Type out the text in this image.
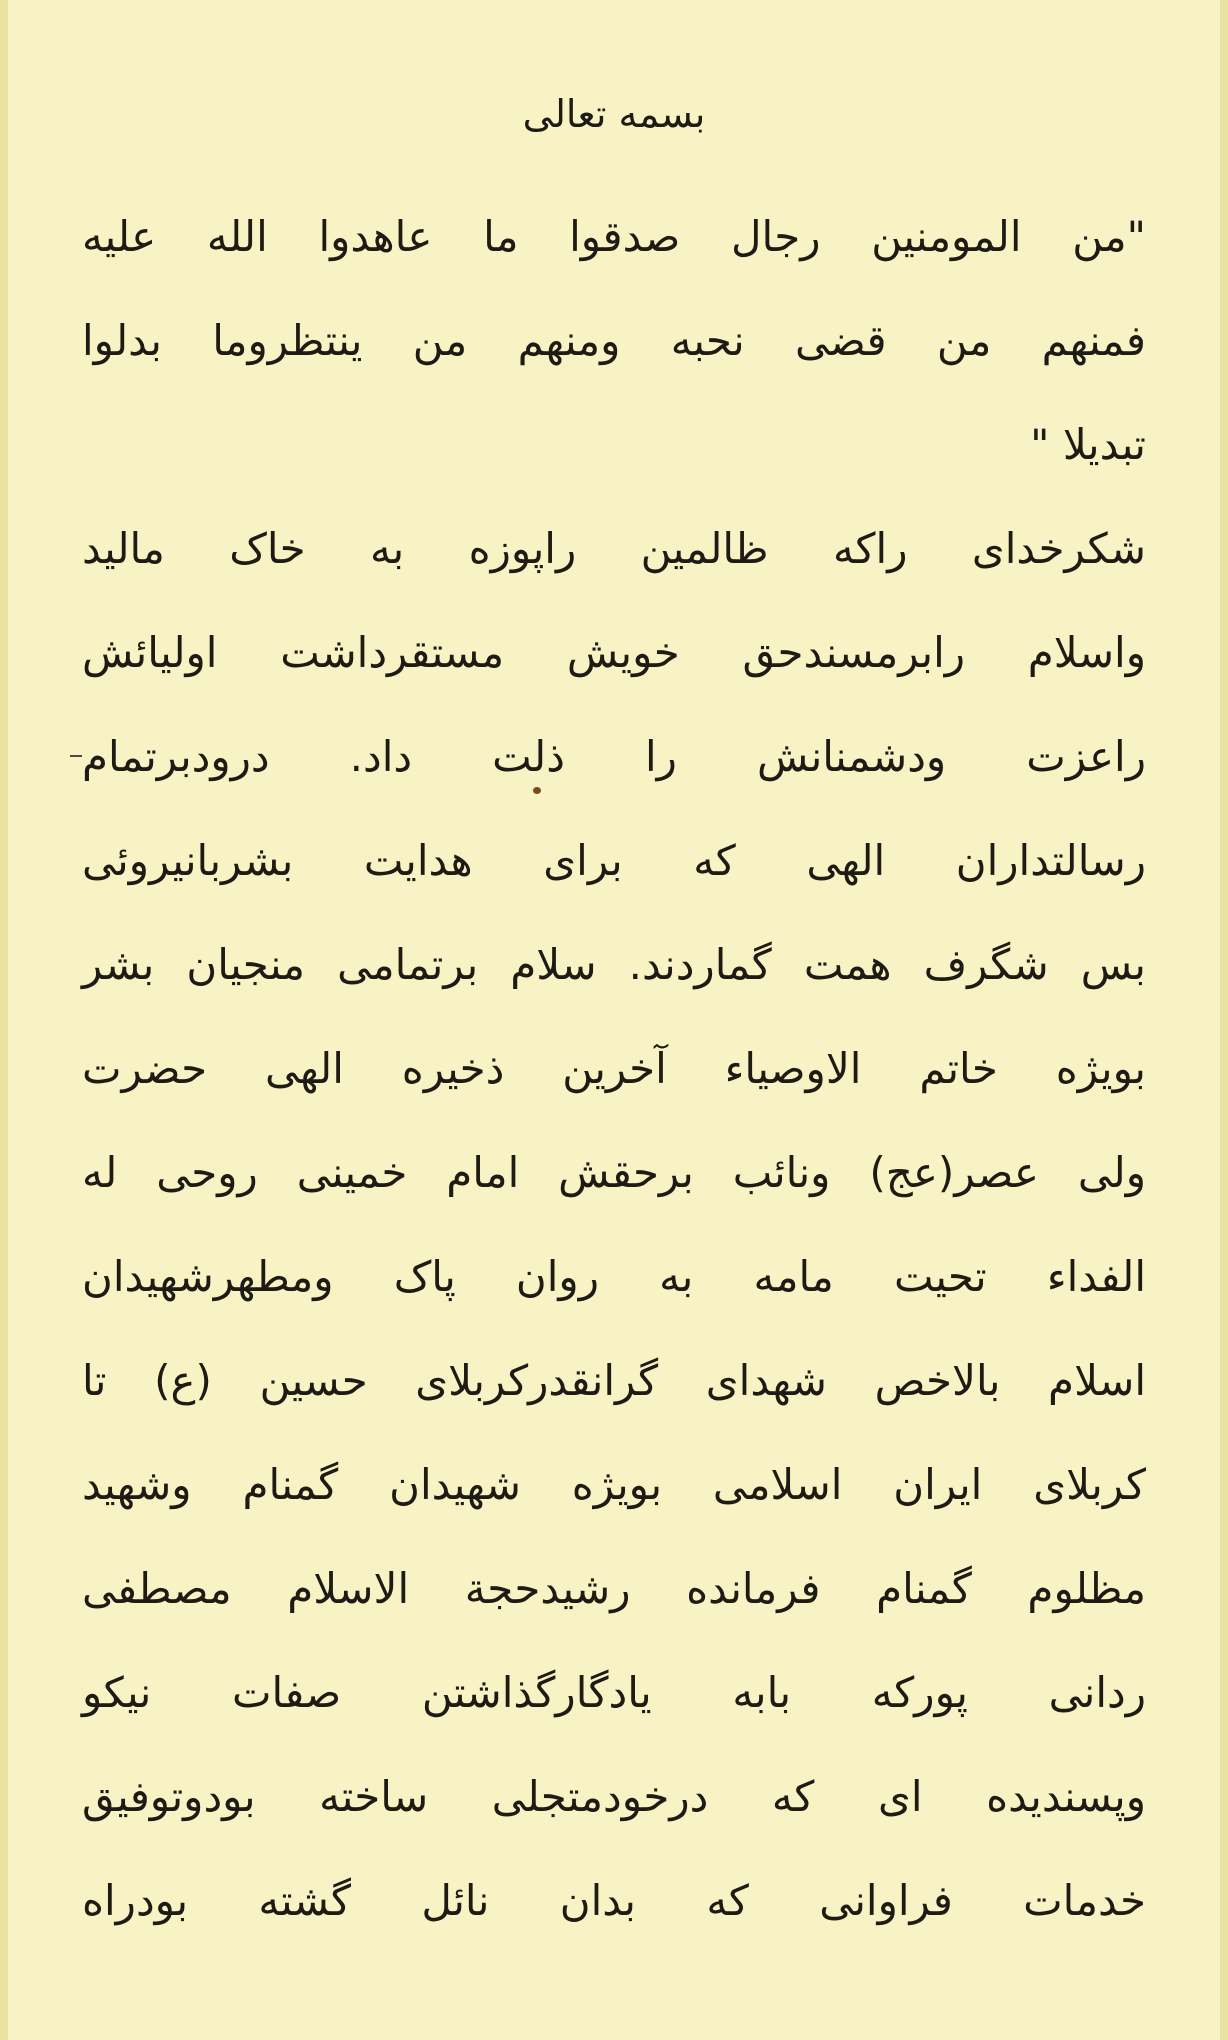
بسمه تعالی
"من المومنین رجال صدقوا ما عاهدوا الله علیه
فمنهم من قضی نحبه ومنهم من ینتظروما بدلوا
تبدیلا "
شکرخدای راکه ظالمین راپوزه به خاک مالید
واسلام رابرمسندحق خویش مستقرداشت اولیائش
راعزت ودشمنانش را ذلت داد. درودبرتمام
رسالتداران الهی که برای هدایت بشربانیروئی
بس شگرف همت گماردند. سلام برتمامی منجیان بشر
بویژه خاتم الاوصیاء آخرین ذخیره الهی حضرت
ولی عصر(عج) ونائب برحقش امام خمینی روحی له
الفداء تحیت مامه به روان پاک ومطهرشهیدان
اسلام بالاخص شهدای گرانقدرکربلای حسین (ع) تا
کربلای ایران اسلامی بویژه شهیدان گمنام وشهید
مظلوم گمنام فرمانده رشیدحجة الاسلام مصطفی
ردانی پورکه بابه یادگارگذاشتن صفات نیکو
وپسندیده ای که درخودمتجلی ساخته بودوتوفیق
خدمات فراوانی که بدان نائل گشته بودراه
